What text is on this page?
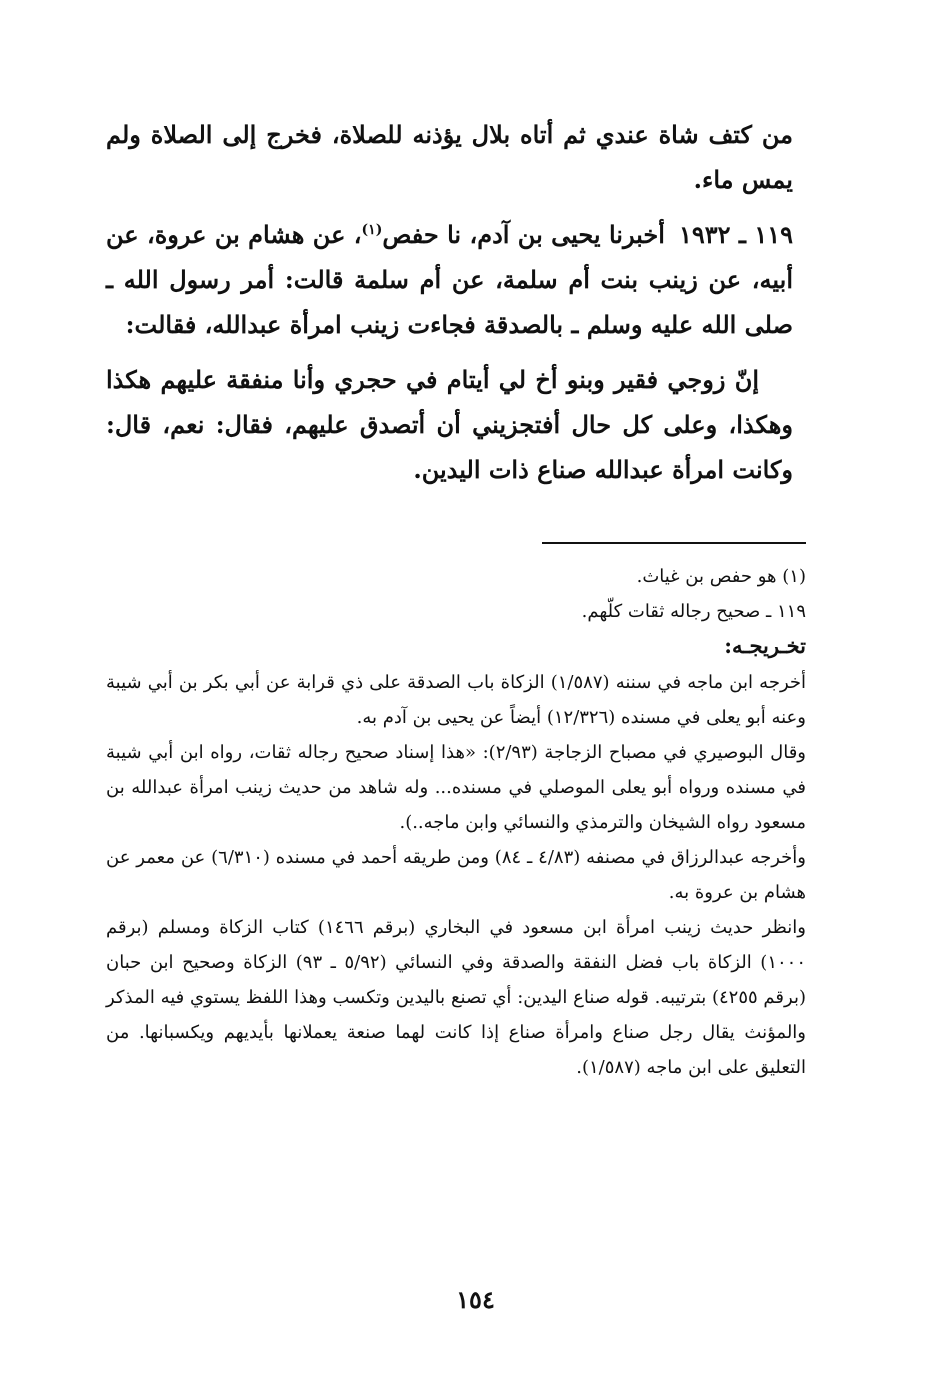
من كتف شاة عندي ثم أتاه بلال يؤذنه للصلاة، فخرج إلى الصلاة ولم يمس ماء.

١١٩ ـ ١٩٣٢أخبرنا يحيى بن آدم، نا حفص$^{(١)}$، عن هشام بن عروة، عن أبيه، عن زينب بنت أم سلمة، عن أم سلمة قالت: أمر رسول الله ـ صلى الله عليه وسلم ـ بالصدقة فجاءت زينب امرأة عبدالله، فقالت:

إنّ زوجي فقير وبنو أخ لي أيتام في حجري وأنا منفقة عليهم هكذا وهكذا، وعلى كل حال أفتجزيني أن أتصدق عليهم، فقال: نعم، قال: وكانت امرأة عبدالله صناع ذات اليدين.

(١) هو حفص بن غياث.

١١٩ ـ صحيح رجاله ثقات كلّهم.

تخـريجـه:

أخرجه ابن ماجه في سننه (١/٥٨٧) الزكاة باب الصدقة على ذي قرابة عن أبي بكر بن أبي شيبة وعنه أبو يعلى في مسنده (١٢/٣٢٦) أيضاً عن يحيى بن آدم به.

وقال البوصيري في مصباح الزجاجة (٢/٩٣): «هذا إسناد صحيح رجاله ثقات، رواه ابن أبي شيبة في مسنده ورواه أبو يعلى الموصلي في مسنده... وله شاهد من حديث زينب امرأة عبدالله بن مسعود رواه الشيخان والترمذي والنسائي وابن ماجه..).

وأخرجه عبدالرزاق في مصنفه (٤/٨٣ ـ ٨٤) ومن طريقه أحمد في مسنده (٦/٣١٠) عن معمر عن هشام بن عروة به.

وانظر حديث زينب امرأة ابن مسعود في البخاري (برقم ١٤٦٦) كتاب الزكاة ومسلم (برقم ١٠٠٠) الزكاة باب فضل النفقة والصدقة وفي النسائي (٥/٩٢ ـ ٩٣) الزكاة وصحيح ابن حبان (برقم ٤٢٥٥) بترتيبه. قوله صناع اليدين: أي تصنع باليدين وتكسب وهذا اللفظ يستوي فيه المذكر والمؤنث يقال رجل صناع وامرأة صناع إذا كانت لهما صنعة يعملانها بأيديهم ويكسبانها. من التعليق على ابن ماجه (١/٥٨٧).

١٥٤
